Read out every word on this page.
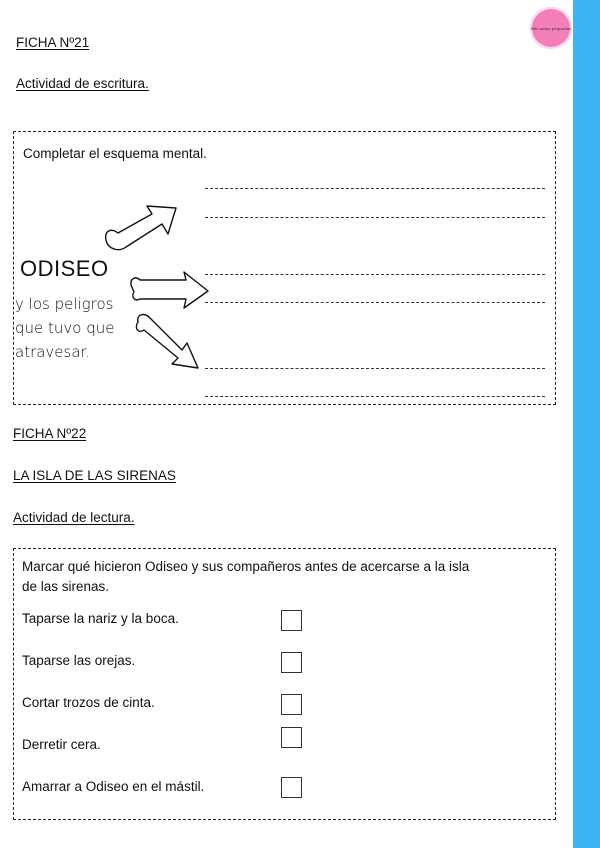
Mis notas pequeñas
FICHA Nº21
Actividad de escritura.
Completar el esquema mental.
ODISEO
y los peligros
que tuvo que
atravesar.
FICHA Nº22
LA ISLA DE LAS SIRENAS
Actividad de lectura.
Marcar qué hicieron Odiseo y sus compañeros antes de acercarse a la isla
de las sirenas.
Taparse la nariz y la boca.
Taparse las orejas.
Cortar trozos de cinta.
Derretir cera.
Amarrar a Odiseo en el mástil.
